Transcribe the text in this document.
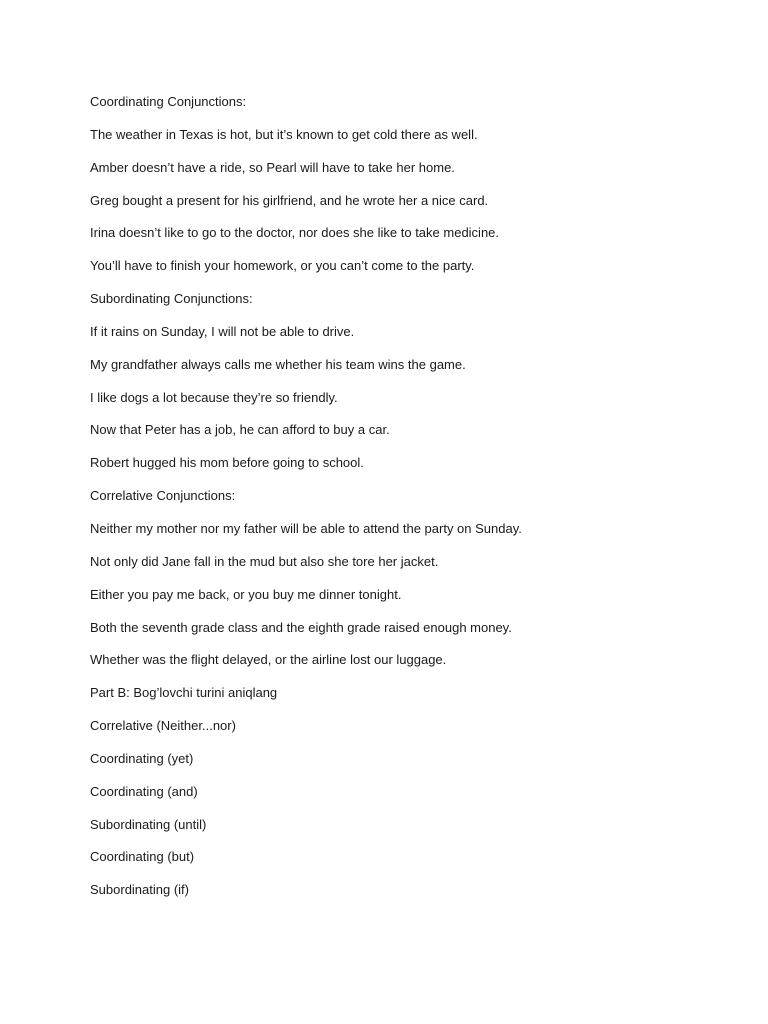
Coordinating Conjunctions:
The weather in Texas is hot, but it’s known to get cold there as well.
Amber doesn’t have a ride, so Pearl will have to take her home.
Greg bought a present for his girlfriend, and he wrote her a nice card.
Irina doesn’t like to go to the doctor, nor does she like to take medicine.
You’ll have to finish your homework, or you can’t come to the party.
Subordinating Conjunctions:
If it rains on Sunday, I will not be able to drive.
My grandfather always calls me whether his team wins the game.
I like dogs a lot because they’re so friendly.
Now that Peter has a job, he can afford to buy a car.
Robert hugged his mom before going to school.
Correlative Conjunctions:
Neither my mother nor my father will be able to attend the party on Sunday.
Not only did Jane fall in the mud but also she tore her jacket.
Either you pay me back, or you buy me dinner tonight.
Both the seventh grade class and the eighth grade raised enough money.
Whether was the flight delayed, or the airline lost our luggage.
Part B: Bog’lovchi turini aniqlang
Correlative (Neither...nor)
Coordinating (yet)
Coordinating (and)
Subordinating (until)
Coordinating (but)
Subordinating (if)
